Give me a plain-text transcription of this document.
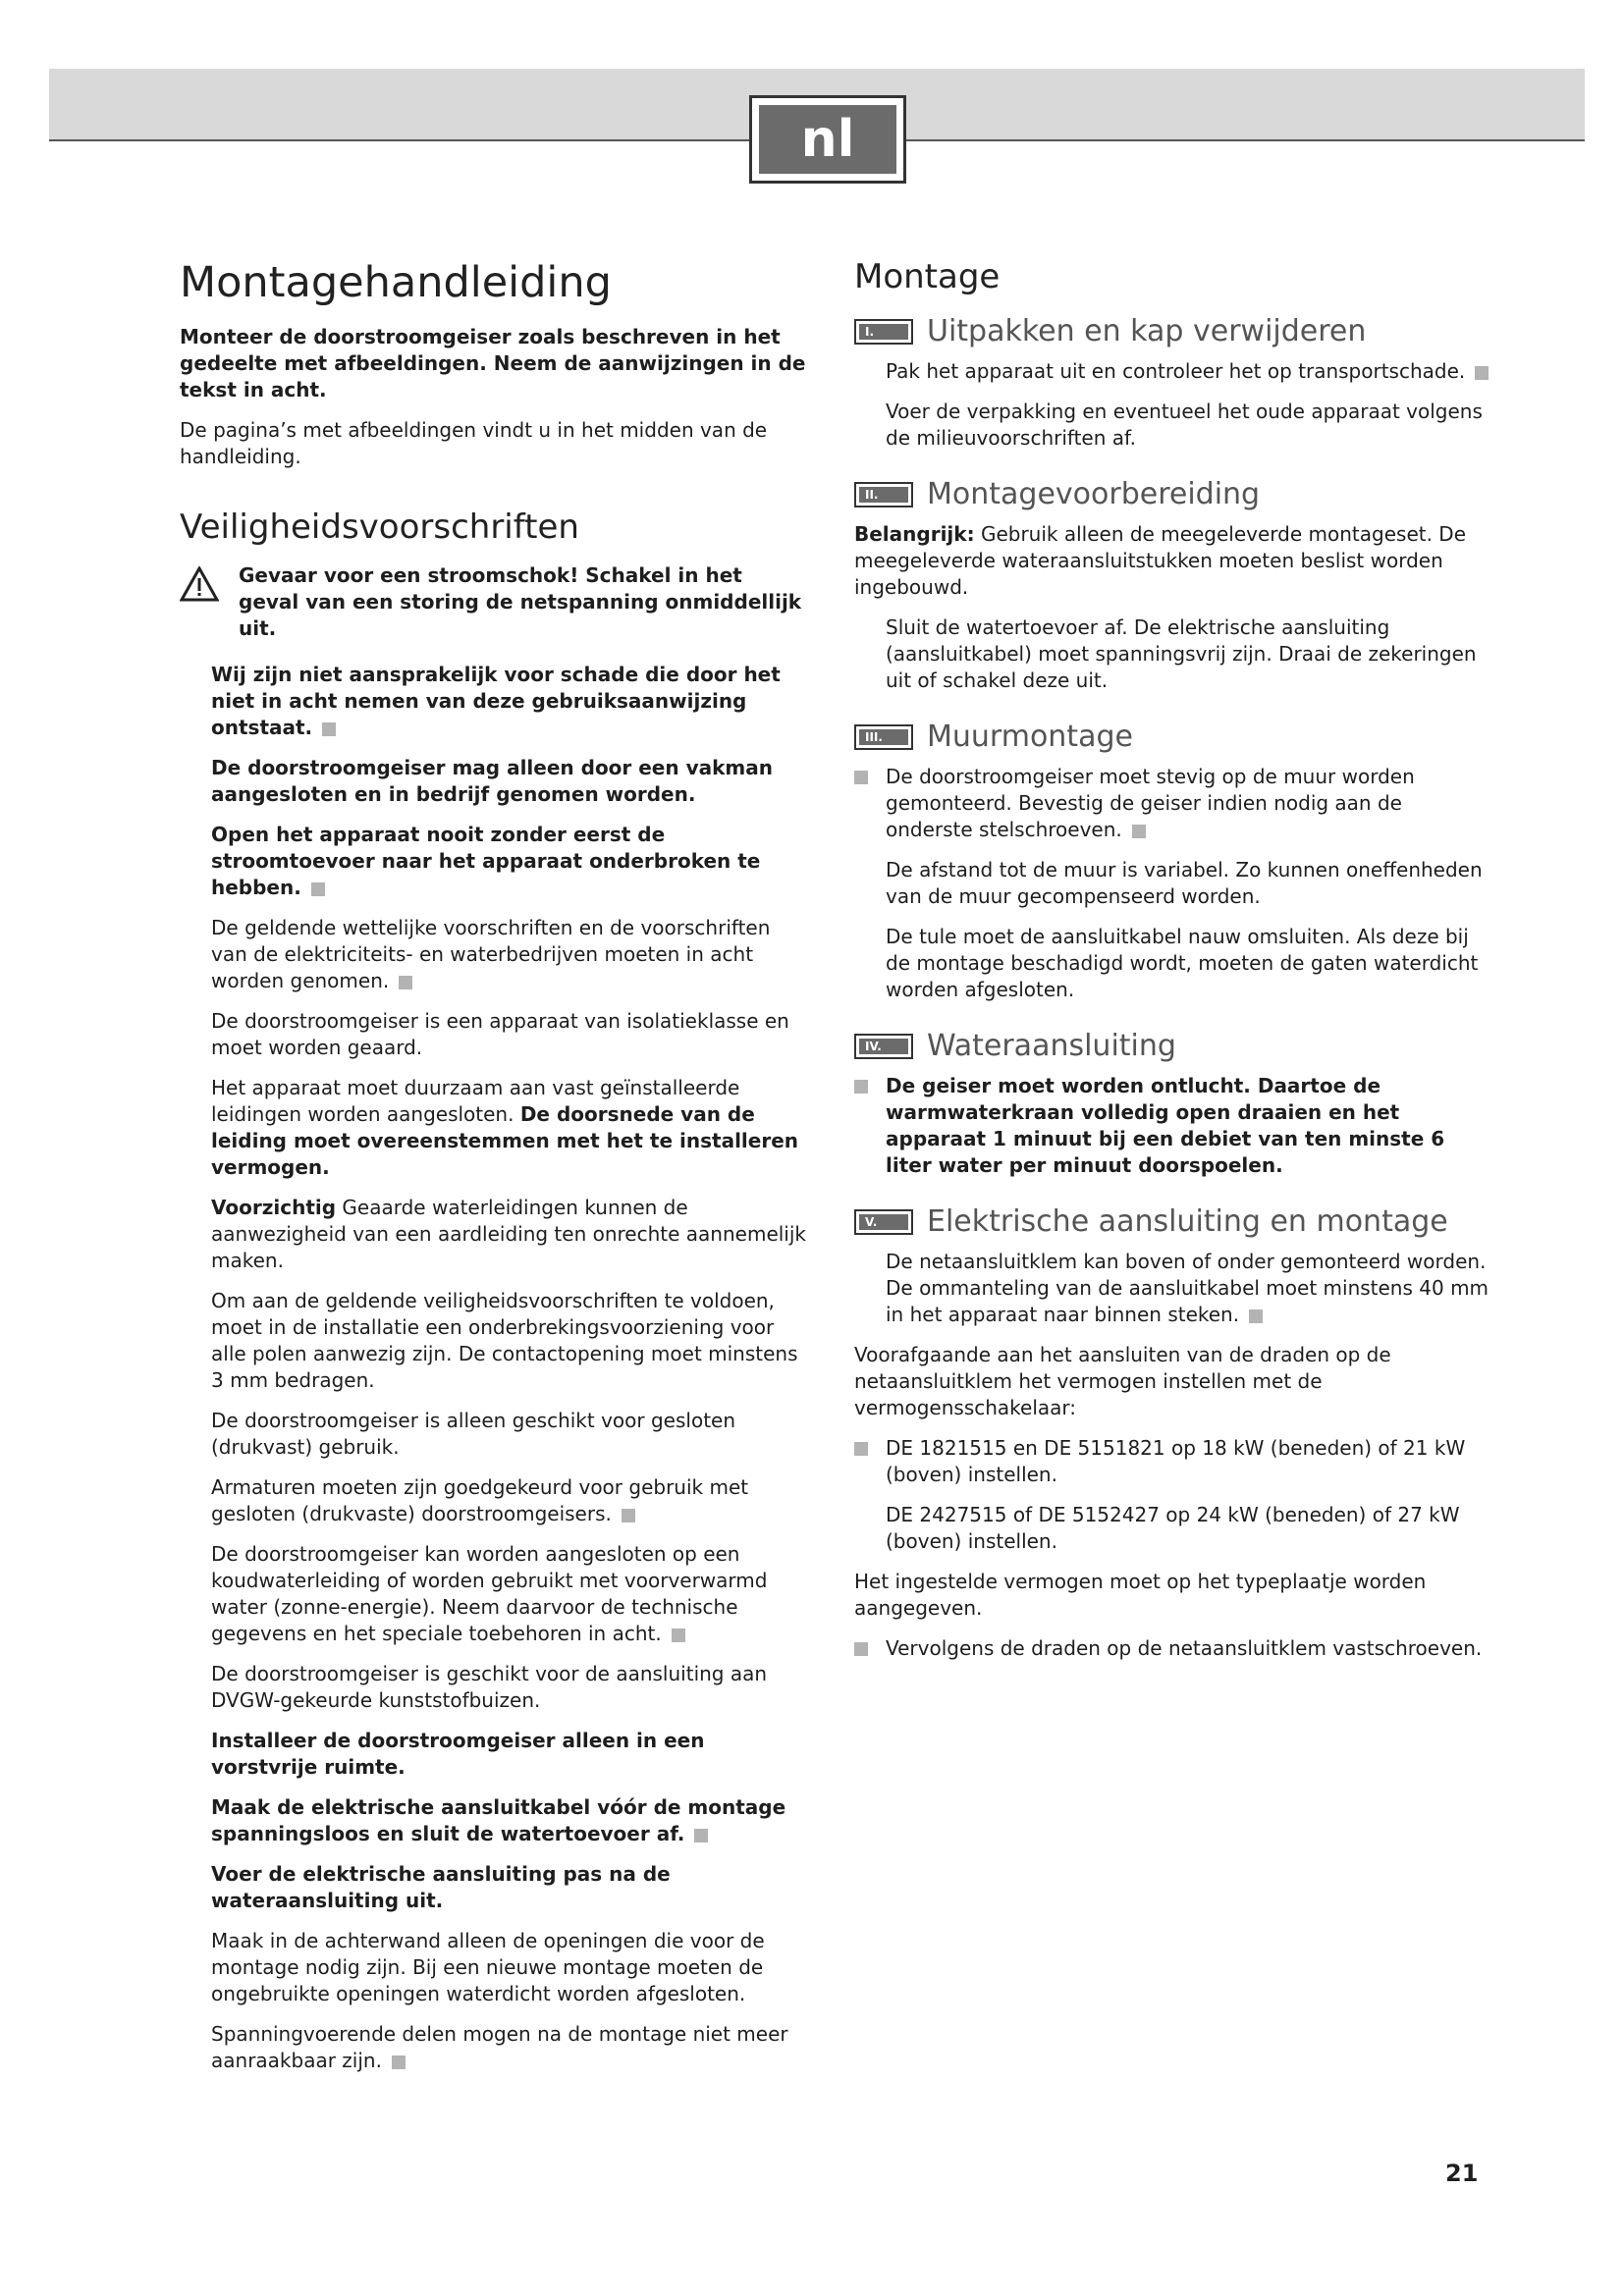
nl

Montagehandleiding

Monteer de doorstroomgeiser zoals beschreven in het gedeelte met afbeeldingen. Neem de aanwijzingen in de tekst in acht.

De pagina’s met afbeeldingen vindt u in het midden van de handleiding.

Veiligheidsvoorschriften

Gevaar voor een stroomschok! Schakel in het geval van een storing de netspanning onmiddellijk uit.

Wij zijn niet aansprakelijk voor schade die door het niet in acht nemen van deze gebruiksaanwijzing ontstaat.

De doorstroomgeiser mag alleen door een vakman aangesloten en in bedrijf genomen worden.

Open het apparaat nooit zonder eerst de stroomtoevoer naar het apparaat onderbroken te hebben.

De geldende wettelijke voorschriften en de voorschriften van de elektriciteits- en waterbedrijven moeten in acht worden genomen.

De doorstroomgeiser is een apparaat van isolatieklasse en moet worden geaard.

Het apparaat moet duurzaam aan vast geïnstalleerde leidingen worden aangesloten. De doorsnede van de leiding moet overeenstemmen met het te installeren vermogen.

Voorzichtig Geaarde waterleidingen kunnen de aanwezigheid van een aardleiding ten onrechte aannemelijk maken.

Om aan de geldende veiligheidsvoorschriften te voldoen, moet in de installatie een onderbrekingsvoorziening voor alle polen aanwezig zijn. De contactopening moet minstens 3 mm bedragen.

De doorstroomgeiser is alleen geschikt voor gesloten (drukvast) gebruik.

Armaturen moeten zijn goedgekeurd voor gebruik met gesloten (drukvaste) doorstroomgeisers.

De doorstroomgeiser kan worden aangesloten op een koudwaterleiding of worden gebruikt met voorverwarmd water (zonne-energie). Neem daarvoor de technische gegevens en het speciale toebehoren in acht.

De doorstroomgeiser is geschikt voor de aansluiting aan DVGW-gekeurde kunststofbuizen.

Installeer de doorstroomgeiser alleen in een vorstvrije ruimte.

Maak de elektrische aansluitkabel vóór de montage spanningsloos en sluit de watertoevoer af.

Voer de elektrische aansluiting pas na de wateraansluiting uit.

Maak in de achterwand alleen de openingen die voor de montage nodig zijn. Bij een nieuwe montage moeten de ongebruikte openingen waterdicht worden afgesloten.

Spanningvoerende delen mogen na de montage niet meer aanraakbaar zijn.

Montage

I.	Uitpakken en kap verwijderen

Pak het apparaat uit en controleer het op transportschade.

Voer de verpakking en eventueel het oude apparaat volgens de milieuvoorschriften af.

II.	Montagevoorbereiding

Belangrijk: Gebruik alleen de meegeleverde montageset. De meegeleverde wateraansluitstukken moeten beslist worden ingebouwd.

Sluit de watertoevoer af. De elektrische aansluiting (aansluitkabel) moet spanningsvrij zijn. Draai de zekeringen uit of schakel deze uit.

III.	Muurmontage

De doorstroomgeiser moet stevig op de muur worden gemonteerd. Bevestig de geiser indien nodig aan de onderste stelschroeven.

De afstand tot de muur is variabel. Zo kunnen oneffenheden van de muur gecompenseerd worden.

De tule moet de aansluitkabel nauw omsluiten. Als deze bij de montage beschadigd wordt, moeten de gaten waterdicht worden afgesloten.

IV.	Wateraansluiting

De geiser moet worden ontlucht. Daartoe de warmwaterkraan volledig open draaien en het apparaat 1 minuut bij een debiet van ten minste 6 liter water per minuut doorspoelen.

V.	Elektrische aansluiting en montage

De netaansluitklem kan boven of onder gemonteerd worden. De ommanteling van de aansluitkabel moet minstens 40 mm in het apparaat naar binnen steken.

Voorafgaande aan het aansluiten van de draden op de netaansluitklem het vermogen instellen met de vermogensschakelaar:

DE 1821515 en DE 5151821 op 18 kW (beneden) of 21 kW (boven) instellen.

DE 2427515 of DE 5152427 op 24 kW (beneden) of 27 kW (boven) instellen.

Het ingestelde vermogen moet op het typeplaatje worden aangegeven.

Vervolgens de draden op de netaansluitklem vastschroeven.

21
